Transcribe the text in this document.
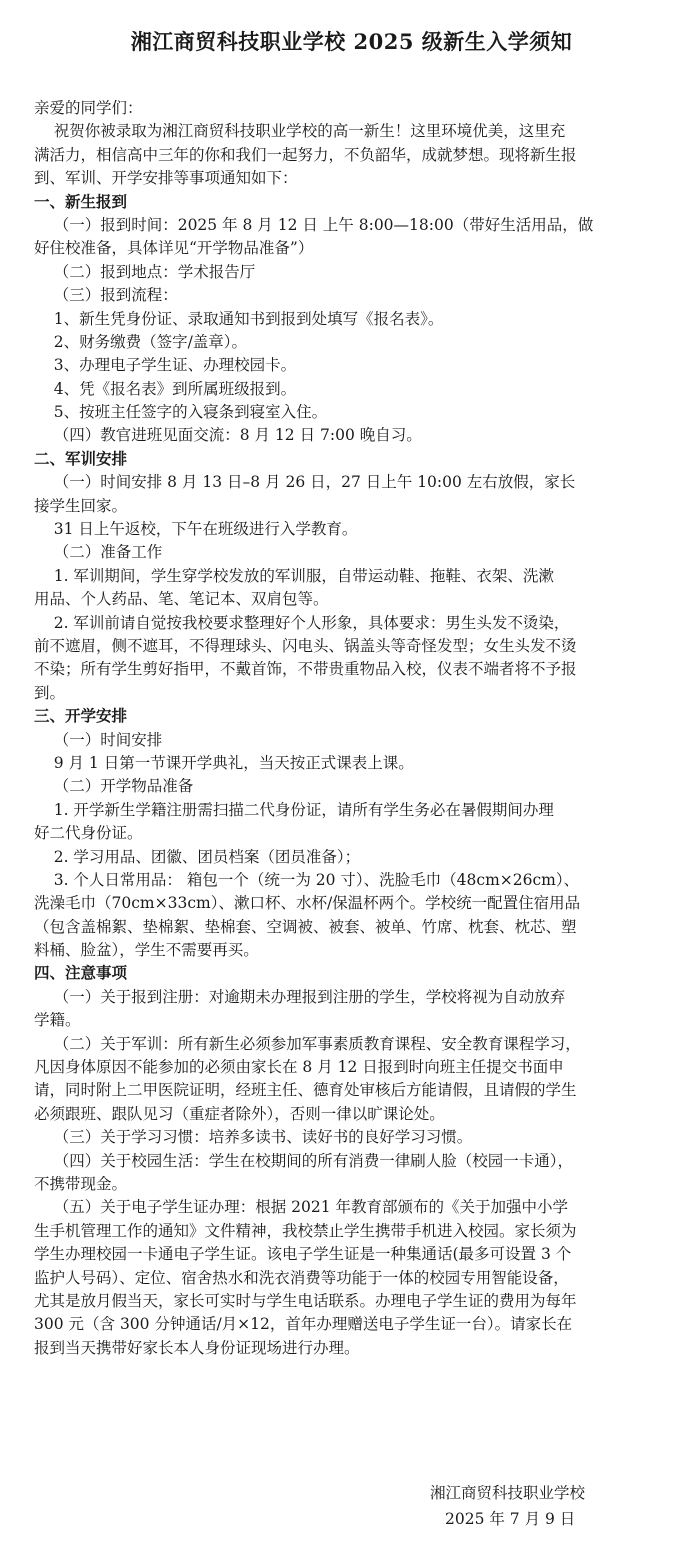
湘江商贸科技职业学校 2025 级新生入学须知
亲爱的同学们：
祝贺你被录取为湘江商贸科技职业学校的高一新生！这里环境优美，这里充
满活力，相信高中三年的你和我们一起努力，不负韶华，成就梦想。现将新生报
到、军训、开学安排等事项通知如下：
一、新生报到
（一）报到时间：2025 年 8 月 12 日 上午 8:00—18:00（带好生活用品，做
好住校准备，具体详见“开学物品准备”）
（二）报到地点：学术报告厅
（三）报到流程：
1、新生凭身份证、录取通知书到报到处填写《报名表》。
2、财务缴费（签字/盖章）。
3、办理电子学生证、办理校园卡。
4、凭《报名表》到所属班级报到。
5、按班主任签字的入寝条到寝室入住。
（四）教官进班见面交流：8 月 12 日 7:00 晚自习。
二、军训安排
（一）时间安排 8 月 13 日–8 月 26 日，27 日上午 10:00 左右放假，家长
接学生回家。
31 日上午返校，下午在班级进行入学教育。
（二）准备工作
1. 军训期间，学生穿学校发放的军训服，自带运动鞋、拖鞋、衣架、洗漱
用品、个人药品、笔、笔记本、双肩包等。
2. 军训前请自觉按我校要求整理好个人形象，具体要求：男生头发不烫染，
前不遮眉，侧不遮耳，不得理球头、闪电头、锅盖头等奇怪发型；女生头发不烫
不染；所有学生剪好指甲，不戴首饰，不带贵重物品入校，仪表不端者将不予报
到。
三、开学安排
（一）时间安排
9 月 1 日第一节课开学典礼，当天按正式课表上课。
（二）开学物品准备
1. 开学新生学籍注册需扫描二代身份证，请所有学生务必在暑假期间办理
好二代身份证。
2. 学习用品、团徽、团员档案（团员准备）；
3. 个人日常用品： 箱包一个（统一为 20 寸）、洗脸毛巾（48cm×26cm）、
洗澡毛巾（70cm×33cm）、漱口杯、水杯/保温杯两个。学校统一配置住宿用品
（包含盖棉絮、垫棉絮、垫棉套、空调被、被套、被单、竹席、枕套、枕芯、塑
料桶、脸盆），学生不需要再买。
四、注意事项
（一）关于报到注册：对逾期未办理报到注册的学生，学校将视为自动放弃
学籍。
（二）关于军训：所有新生必须参加军事素质教育课程、安全教育课程学习，
凡因身体原因不能参加的必须由家长在 8 月 12 日报到时向班主任提交书面申
请，同时附上二甲医院证明，经班主任、德育处审核后方能请假，且请假的学生
必须跟班、跟队见习（重症者除外），否则一律以旷课论处。
（三）关于学习习惯：培养多读书、读好书的良好学习习惯。
（四）关于校园生活：学生在校期间的所有消费一律刷人脸（校园一卡通），
不携带现金。
（五）关于电子学生证办理：根据 2021 年教育部颁布的《关于加强中小学
生手机管理工作的通知》文件精神，我校禁止学生携带手机进入校园。家长须为
学生办理校园一卡通电子学生证。该电子学生证是一种集通话(最多可设置 3 个
监护人号码）、定位、宿舍热水和洗衣消费等功能于一体的校园专用智能设备，
尤其是放月假当天，家长可实时与学生电话联系。办理电子学生证的费用为每年
300 元（含 300 分钟通话/月×12，首年办理赠送电子学生证一台）。请家长在
报到当天携带好家长本人身份证现场进行办理。
湘江商贸科技职业学校
2025 年 7 月 9 日
